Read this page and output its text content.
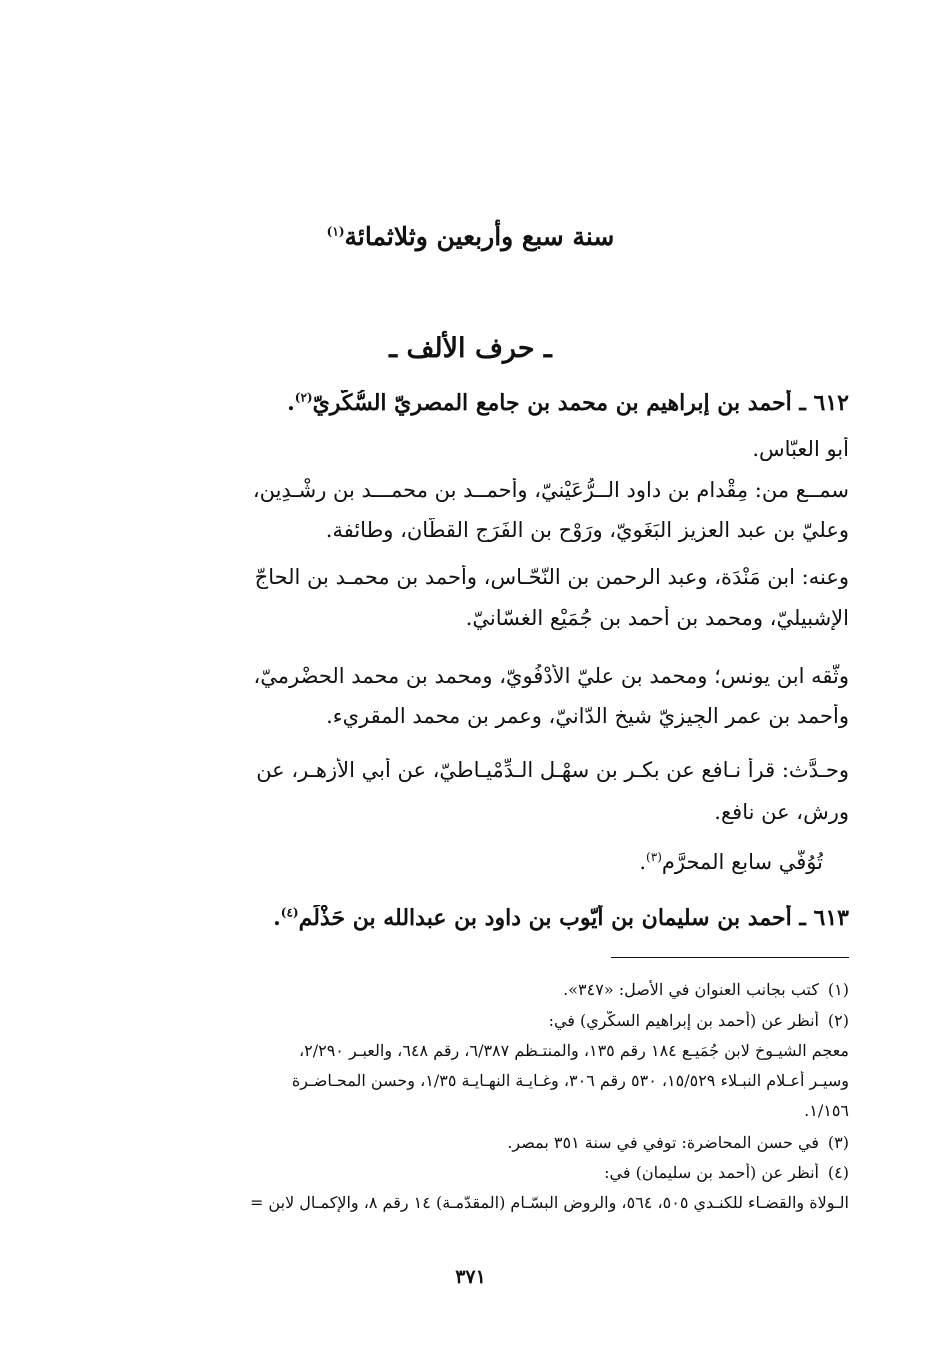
سنة سبع وأربعين وثلاثمائة$^{(١)}$
ـ حرف الألف ـ
٦١٢ ـ أحمد بن إبراهيم بن محمد بن جامع المصريّ السُّكّريّ$^{(٢)}$.
أبو العبّاس.
سمــع من: مِقْدام بن داود الــرُّعَيْنيّ، وأحمــد بن محمـــد بن رِشْـدِين،
وعليّ بن عبد العزيز البَغَويّ، ورَوْح بن الفَرَج القطّان، وطائفة.
وعنه: ابن مَنْدَة، وعبد الرحمن بن النّحّـاس، وأحمد بن محمـد بن الحاجّ
الإشبيليّ، ومحمد بن أحمد بن جُمَيْع الغسّانيّ.
وثّقه ابن يونس؛ ومحمد بن عليّ الأُدْفُويّ، ومحمد بن محمد الحضْرميّ،
وأحمد بن عمر الجِيزيّ شيخ الدّانيّ، وعمر بن محمد المقريء.
وحـدَّث: قرأ نـافع عن بكـر بن سهْـل الـدِّمْيـاطيّ، عن أبي الأزهـر، عن
ورش، عن نافع.
تُوُفّي سابع المحرَّم$^{(٣)}$.
٦١٣ ـ أحمد بن سليمان بن أيّوب بن داود بن عبدالله بن حَذْلَم$^{(٤)}$.
(١)كتب بجانب العنوان في الأصل: «٣٤٧».
(٢)أنظر عن (أحمد بن إبراهيم السكّري) في:
معجم الشيـوخ لابن جُمَيـع ١٨٤ رقم ١٣٥، والمنتـظم ٦/٣٨٧، رقم ٦٤٨، والعبـر ٢/٢٩٠،
وسيـر أعـلام النبـلاء ١٥/٥٢٩، ٥٣٠ رقم ٣٠٦، وغـايـة النهـايـة ١/٣٥، وحسن المحـاضـرة
١/١٥٦.
(٣)في حسن المحاضرة: توفي في سنة ٣٥١ بمصر.
(٤)أنظر عن (أحمد بن سليمان) في:
الـولاة والقضـاء للكنـدي ٥٠٥، ٥٦٤، والروض البسّـام (المقدّمـة) ١٤ رقم ٨، والإكمـال لابن =
٣٧١
